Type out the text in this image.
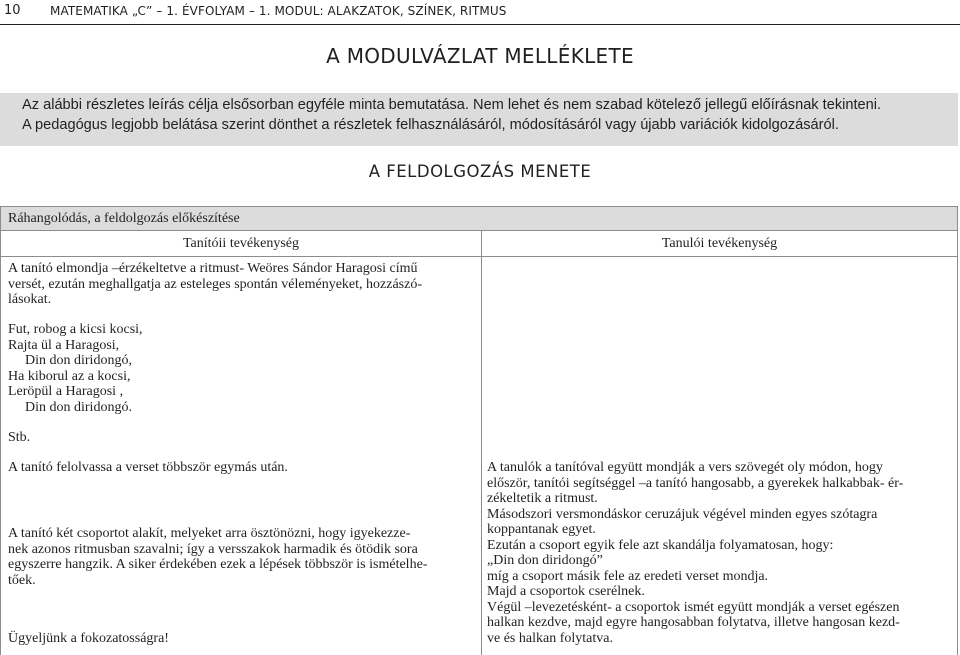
10 MATEMATIKA „C” – 1. ÉVFOLYAM – 1. MODUL: ALAKZATOK, SZÍNEK, RITMUS
A MODULVÁZLAT MELLÉKLETE
Az alábbi részletes leírás célja elsősorban egyféle minta bemutatása. Nem lehet és nem szabad kötelező jellegű előírásnak tekinteni.
A pedagógus legjobb belátása szerint dönthet a részletek felhasználásáról, módosításáról vagy újabb variációk kidolgozásáról.
A FELDOLGOZÁS MENETE
Ráhangolódás, a feldolgozás előkészítése
Tanítóii tevékenység	Tanulói tevékenység
A tanító elmondja –érzékeltetve a ritmust- Weöres Sándor Haragosi című
versét, ezután meghallgatja az esteleges spontán véleményeket, hozzászó-
lásokat.
Fut, robog a kicsi kocsi,
Rajta ül a Haragosi,
Din don diridongó,
Ha kiborul az a kocsi,
Leröpül a Haragosi ,
Din don diridongó.
Stb.
A tanító felolvassa a verset többször egymás után.
A tanító két csoportot alakít, melyeket arra ösztönözni, hogy igyekezze-
nek azonos ritmusban szavalni; így a versszakok harmadik és ötödik sora
egyszerre hangzik. A siker érdekében ezek a lépések többször is ismételhe-
tőek.
Ügyeljünk a fokozatosságra!
A tanulók a tanítóval együtt mondják a vers szövegét oly módon, hogy
először, tanítói segítséggel –a tanító hangosabb, a gyerekek halkabbak- ér-
zékeltetik a ritmust.
Másodszori versmondáskor ceruzájuk végével minden egyes szótagra
koppantanak egyet.
Ezután a csoport egyik fele azt skandálja folyamatosan, hogy:
„Din don diridongó”
míg a csoport másik fele az eredeti verset mondja.
Majd a csoportok cserélnek.
Végül –levezetésként- a csoportok ismét együtt mondják a verset egészen
halkan kezdve, majd egyre hangosabban folytatva, illetve hangosan kezd-
ve és halkan folytatva.
